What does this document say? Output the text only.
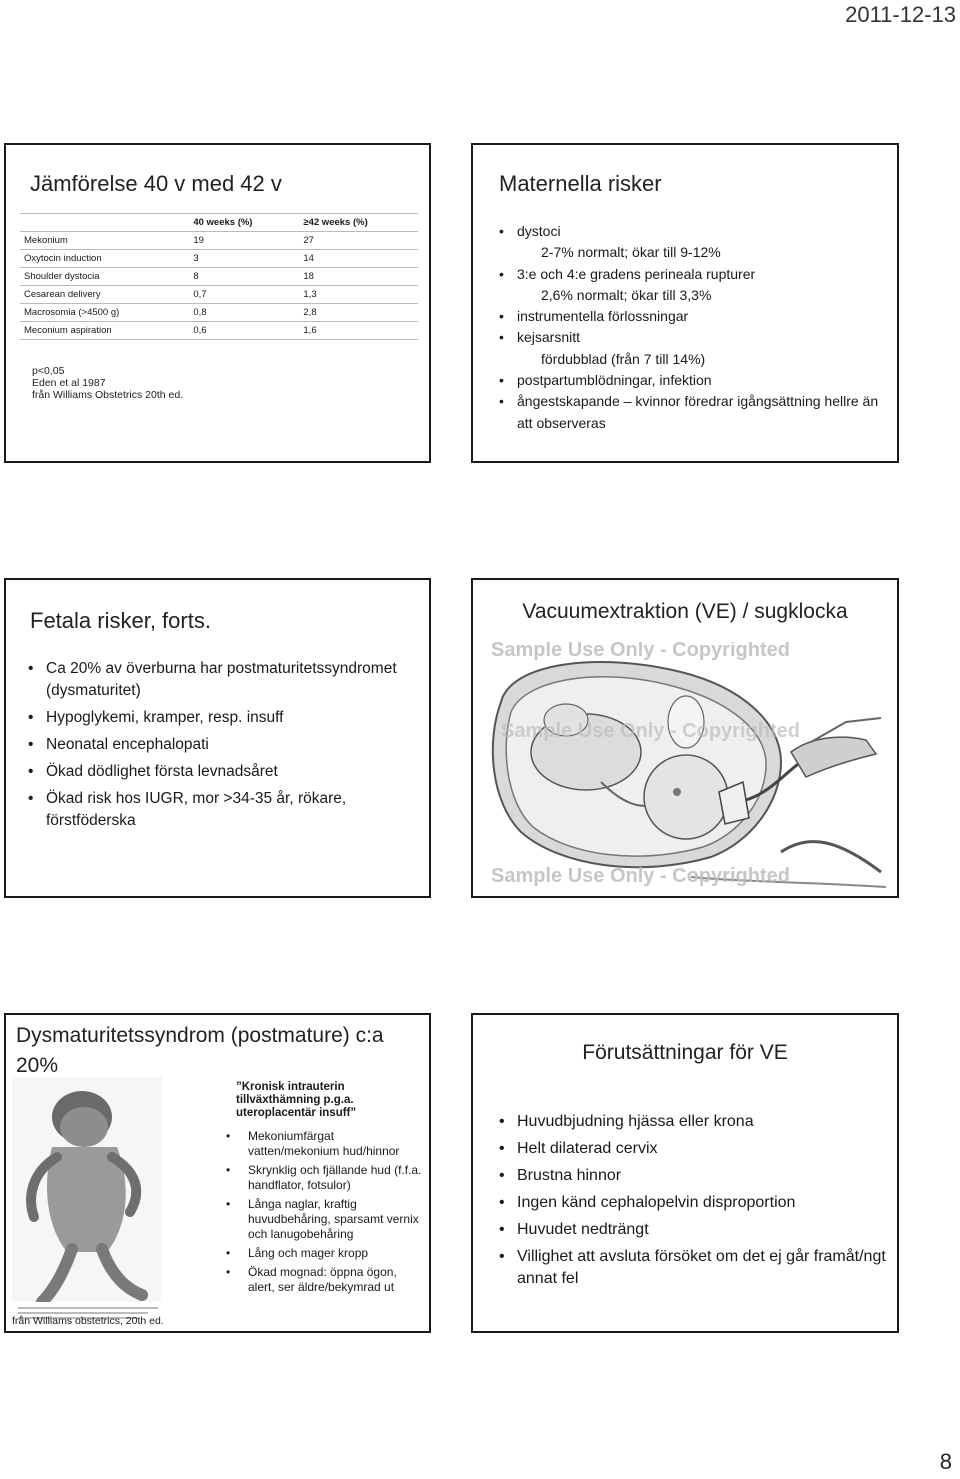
2011-12-13
Jämförelse 40 v med 42 v
	40 weeks (%)	≥42 weeks (%)
Mekonium	19	27
Oxytocin induction	3	14
Shoulder dystocia	8	18
Cesarean delivery	0,7	1,3
Macrosomia (>4500 g)	0,8	2,8
Meconium aspiration	0,6	1,6
p<0,05
Eden et al 1987
från Williams Obstetrics 20th ed.
Maternella risker
• dystoci
2-7% normalt; ökar till 9-12%
• 3:e och 4:e gradens perineala rupturer
2,6% normalt; ökar till 3,3%
• instrumentella förlossningar
• kejsarsnitt
fördubblad (från 7 till 14%)
• postpartumblödningar, infektion
• ångestskapande – kvinnor föredrar igångsättning hellre än att observeras
Fetala risker, forts.
• Ca 20% av överburna har postmaturitetssyndromet (dysmaturitet)
• Hypoglykemi, kramper, resp. insuff
• Neonatal encephalopati
• Ökad dödlighet första levnadsåret
• Ökad risk hos IUGR, mor >34-35 år, rökare, förstföderska
Vacuumextraktion (VE) / sugklocka
Sample Use Only - Copyrighted
Sample Use Only - Copyrighted
Sample Use Only - Copyrighted
Dysmaturitetssyndrom (postmature) c:a 20%
”Kronisk intrauterin tillväxthämning p.g.a. uteroplacentär insuff”
• Mekoniumfärgat vatten/mekonium hud/hinnor
• Skrynklig och fjällande hud (f.f.a. handflator, fotsulor)
• Långa naglar, kraftig huvudbehåring, sparsamt vernix och lanugobehåring
• Lång och mager kropp
• Ökad mognad: öppna ögon, alert, ser äldre/bekymrad ut
från Williams obstetrics, 20th ed.
Förutsättningar för VE
• Huvudbjudning hjässa eller krona
• Helt dilaterad cervix
• Brustna hinnor
• Ingen känd cephalopelvin disproportion
• Huvudet nedträngt
• Villighet att avsluta försöket om det ej går framåt/ngt annat fel
8
